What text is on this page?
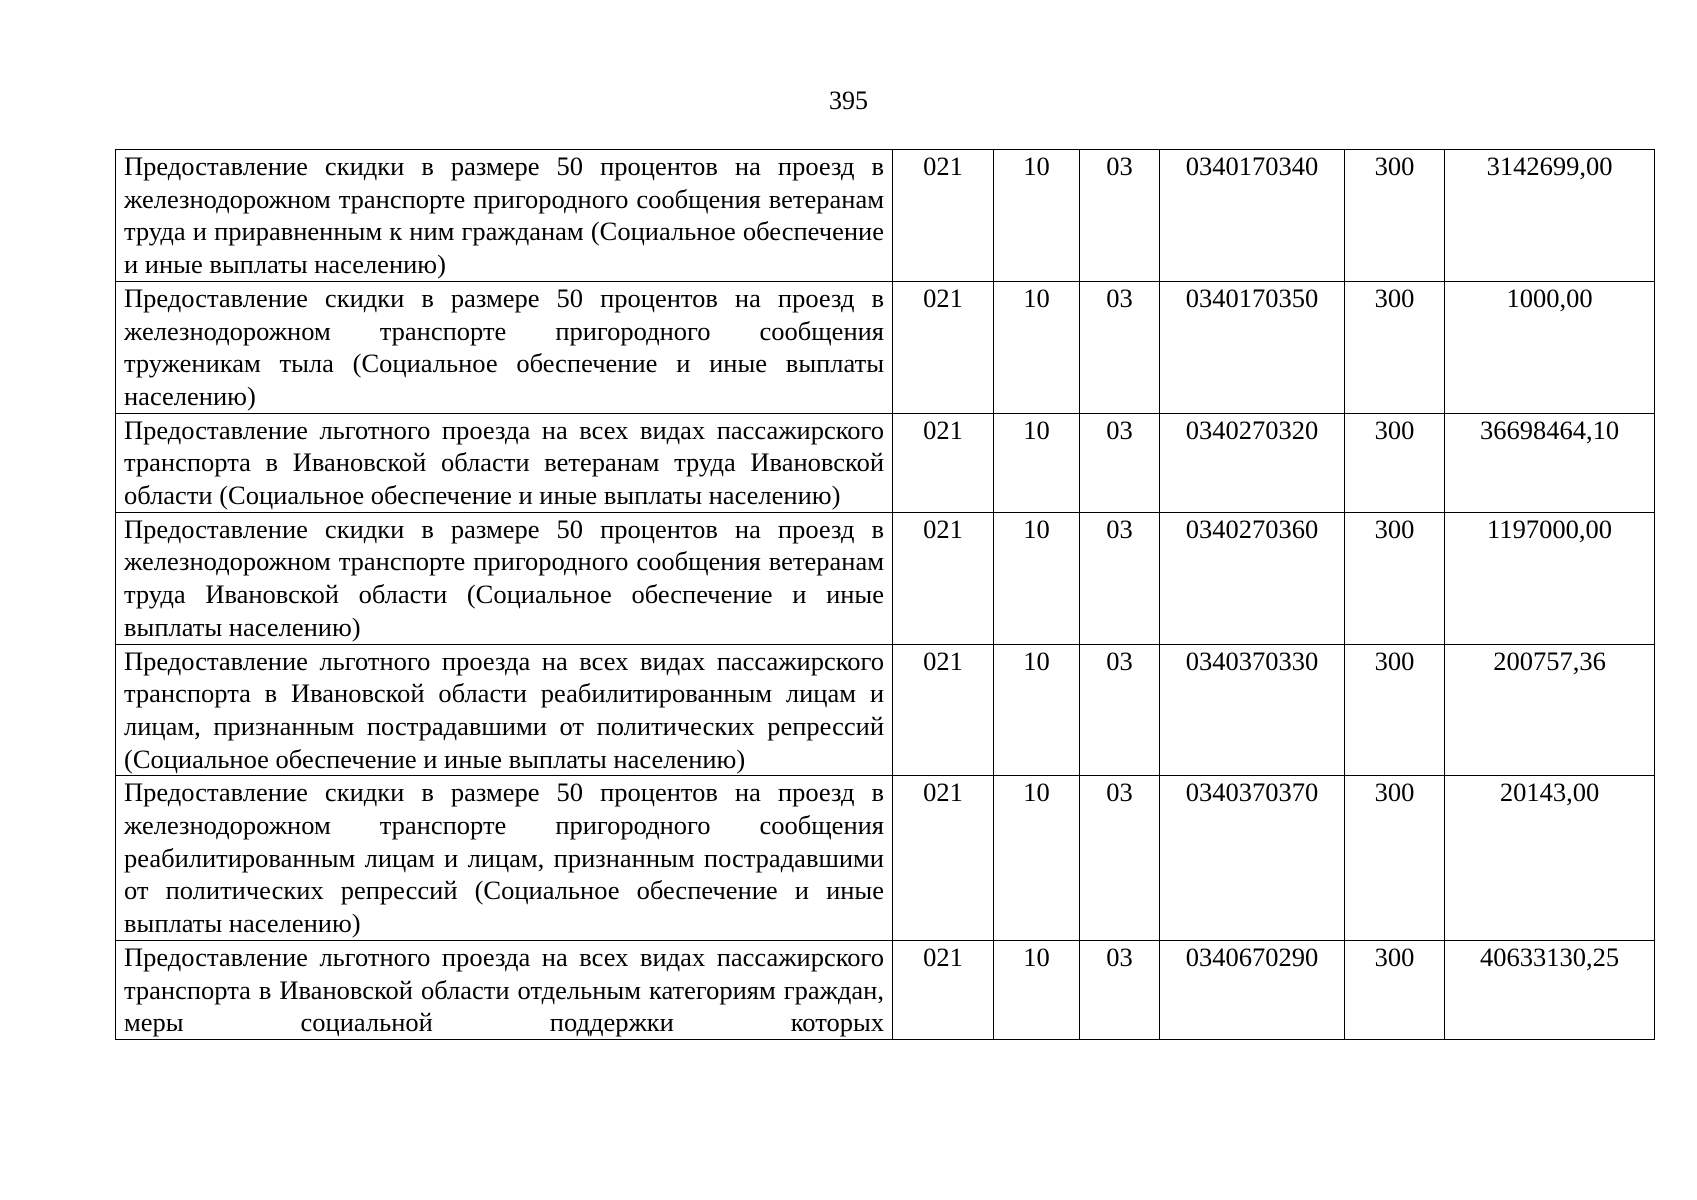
395
Предоставление скидки в размере 50 процентов на проезд в железнодорожном транспорте пригородного сообщения ветеранам труда и приравненным к ним гражданам (Социальное обеспечение и иные выплаты населению)	021	10	03	0340170340	300	3142699,00
Предоставление скидки в размере 50 процентов на проезд в железнодорожном транспорте пригородного сообщения труженикам тыла (Социальное обеспечение и иные выплаты населению)	021	10	03	0340170350	300	1000,00
Предоставление льготного проезда на всех видах пассажирского транспорта в Ивановской области ветеранам труда Ивановской области (Социальное обеспечение и иные выплаты населению)	021	10	03	0340270320	300	36698464,10
Предоставление скидки в размере 50 процентов на проезд в железнодорожном транспорте пригородного сообщения ветеранам труда Ивановской области (Социальное обеспечение и иные выплаты населению)	021	10	03	0340270360	300	1197000,00
Предоставление льготного проезда на всех видах пассажирского транспорта в Ивановской области реабилитированным лицам и лицам, признанным пострадавшими от политических репрессий (Социальное обеспечение и иные выплаты населению)	021	10	03	0340370330	300	200757,36
Предоставление скидки в размере 50 процентов на проезд в железнодорожном транспорте пригородного сообщения реабилитированным лицам и лицам, признанным пострадавшими от политических репрессий (Социальное обеспечение и иные выплаты населению)	021	10	03	0340370370	300	20143,00
Предоставление льготного проезда на всех видах пассажирского транспорта в Ивановской области отдельным категориям граждан, меры социальной поддержки которых	021	10	03	0340670290	300	40633130,25
